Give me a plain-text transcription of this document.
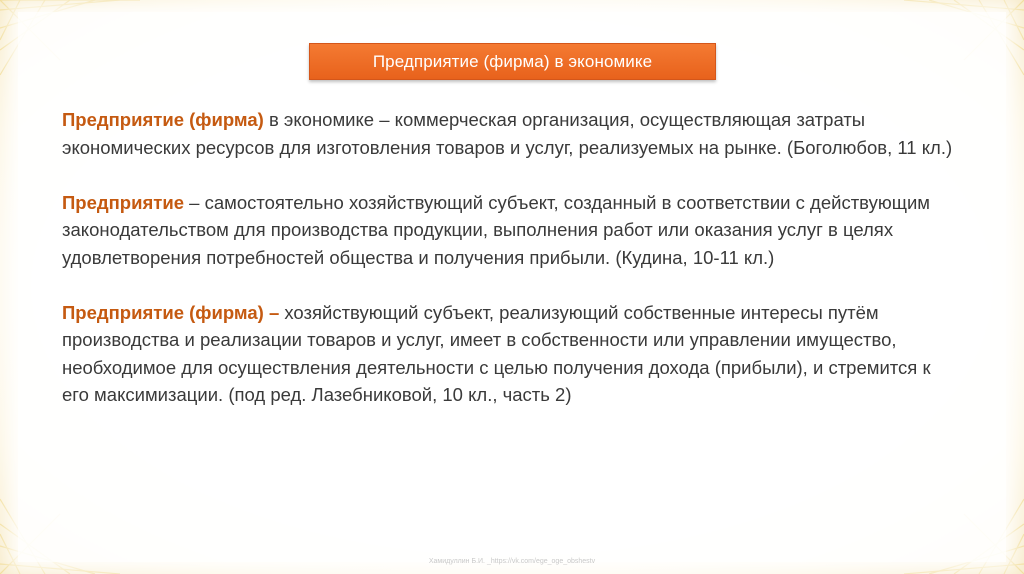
Предприятие (фирма) в экономике

Предприятие (фирма) в экономике – коммерческая организация, осуществляющая затраты экономических ресурсов для изготовления товаров и услуг, реализуемых на рынке. (Боголюбов, 11 кл.)

Предприятие – самостоятельно хозяйствующий субъект, созданный в соответствии с действующим законодательством для производства продукции, выполнения работ или оказания услуг в целях удовлетворения потребностей общества и получения прибыли. (Кудина, 10-11 кл.)

Предприятие (фирма) – хозяйствующий субъект, реализующий собственные интересы путём производства и реализации товаров и услуг, имеет в собственности или управлении имущество, необходимое для осуществления деятельности с целью получения дохода (прибыли), и стремится к его максимизации. (под ред. Лазебниковой, 10 кл., часть 2)

Хамидуллин Б.И. _https://vk.com/ege_oge_obshestv
